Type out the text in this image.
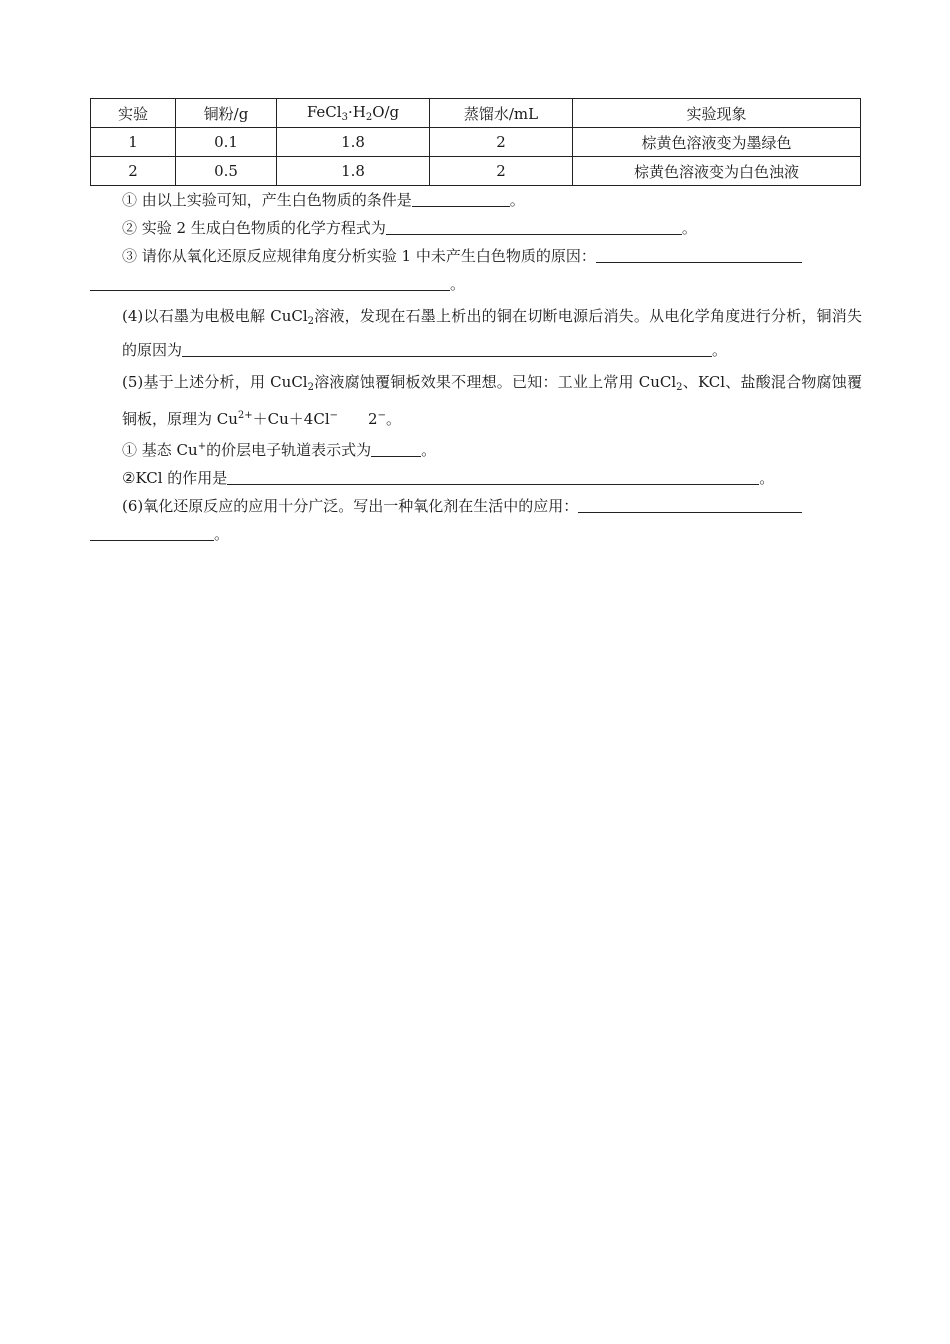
实验	铜粉/g	$FeCl_3\cdot H_2O/g$	蒸馏水/mL	实验现象
1	0.1	1.8	2	棕黄色溶液变为墨绿色
2	0.5	1.8	2	棕黄色溶液变为白色浊液

① 由以上实验可知，产生白色物质的条件是	。

② 实验 2 生成白色物质的化学方程式为	。

③ 请你从氧化还原反应规律角度分析实验 1 中未产生白色物质的原因：

。

(4)以石墨为电极电解 CuCl$_2$溶液，发现在石墨上析出的铜在切断电源后消失。从电化学角度进行分析，铜消失的原因为	。

(5)基于上述分析，用 CuCl$_2$溶液腐蚀覆铜板效果不理想。已知：工业上常用 CuCl$_2$、KCl、盐酸混合物腐蚀覆铜板，原理为 $Cu^{2+}+Cu+4Cl^-$ 2−。

① 基态 Cu+的价层电子轨道表示式为	。

②KCl 的作用是	。

(6)氧化还原反应的应用十分广泛。写出一种氧化剂在生活中的应用：

。
